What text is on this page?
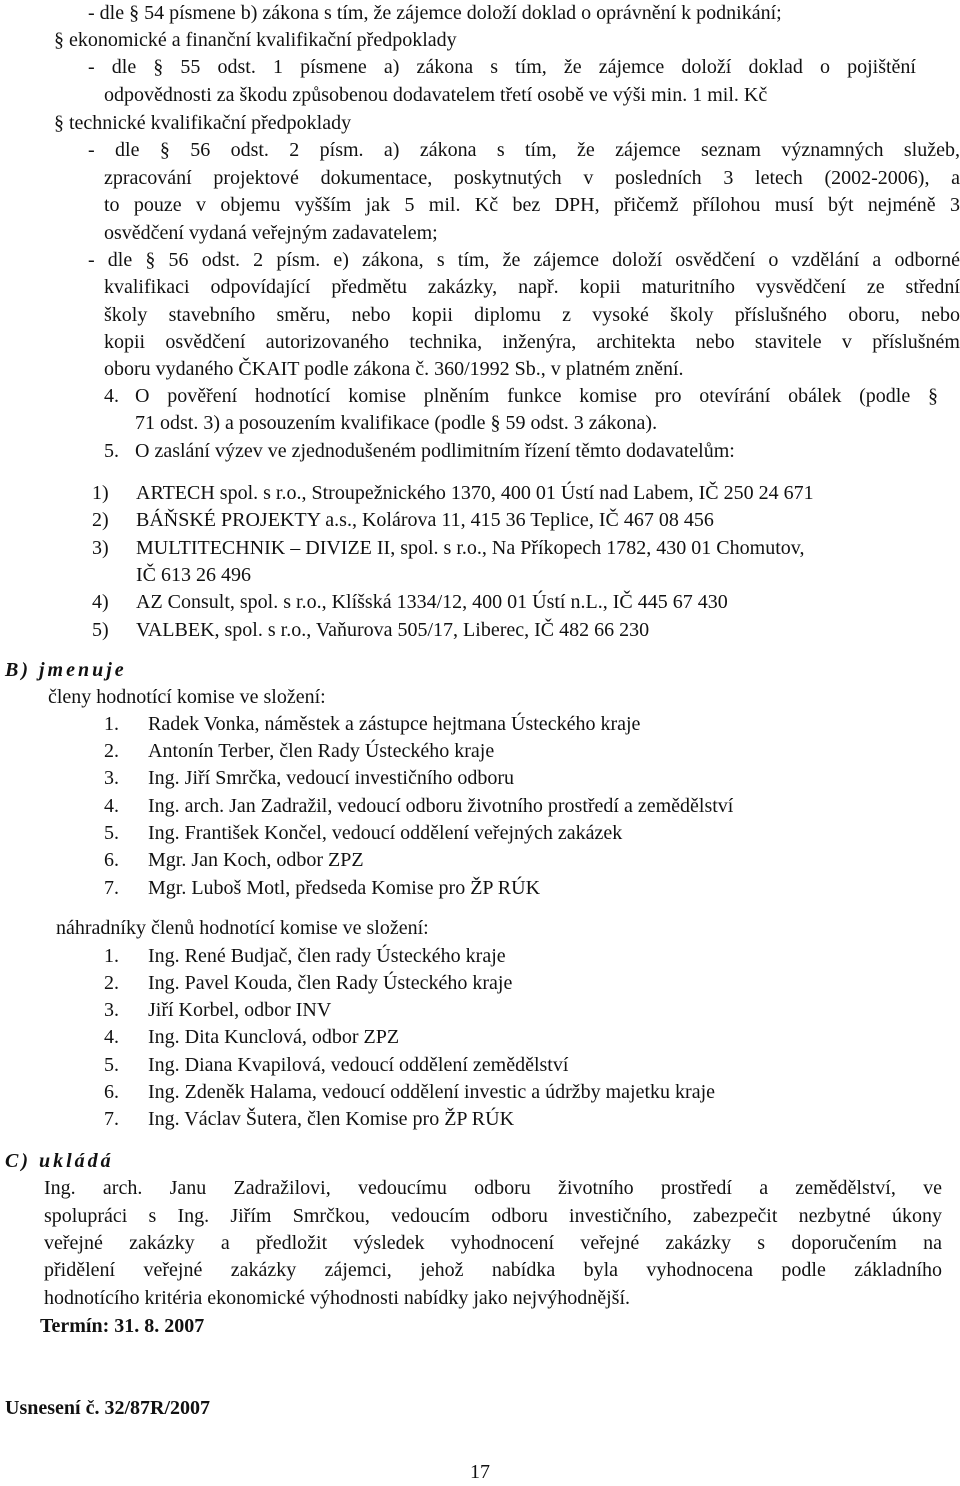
- dle § 54 písmene b) zákona s tím, že zájemce doloží doklad o oprávnění k podnikání;
§ ekonomické a finanční kvalifikační předpoklady
- dle § 55 odst. 1 písmene a) zákona s tím, že zájemce doloží doklad o pojištění
odpovědnosti za škodu způsobenou dodavatelem třetí osobě ve výši min. 1 mil. Kč
§ technické kvalifikační předpoklady
- dle § 56 odst. 2 písm. a) zákona s tím, že zájemce seznam významných služeb,
zpracování projektové dokumentace, poskytnutých v posledních 3 letech (2002-2006), a
to pouze v objemu vyšším jak 5 mil. Kč bez DPH, přičemž přílohou musí být nejméně 3
osvědčení vydaná veřejným zadavatelem;
- dle § 56 odst. 2 písm. e) zákona, s tím, že zájemce doloží osvědčení o vzdělání a odborné
kvalifikaci odpovídající předmětu zakázky, např. kopii maturitního vysvědčení ze střední
školy stavebního směru, nebo kopii diplomu z vysoké školy příslušného oboru, nebo
kopii osvědčení autorizovaného technika, inženýra, architekta nebo stavitele v příslušném
oboru vydaného ČKAIT podle zákona č. 360/1992 Sb., v platném znění.
4. O pověření hodnotící komise plněním funkce komise pro otevírání obálek (podle §
71 odst. 3) a posouzením kvalifikace (podle § 59 odst. 3 zákona).
5. O zaslání výzev ve zjednodušeném podlimitním řízení těmto dodavatelům:
1) ARTECH spol. s r.o., Stroupežnického 1370, 400 01 Ústí nad Labem, IČ 250 24 671
2) BÁŇSKÉ PROJEKTY a.s., Kolárova 11, 415 36 Teplice, IČ 467 08 456
3) MULTITECHNIK – DIVIZE II, spol. s r.o., Na Příkopech 1782, 430 01 Chomutov,
IČ 613 26 496
4) AZ Consult, spol. s r.o., Klíšská 1334/12, 400 01 Ústí n.L., IČ 445 67 430
5) VALBEK, spol. s r.o., Vaňurova 505/17, Liberec, IČ 482 66 230
B) jmenuje
členy hodnotící komise ve složení:
1. Radek Vonka, náměstek a zástupce hejtmana Ústeckého kraje
2. Antonín Terber, člen Rady Ústeckého kraje
3. Ing. Jiří Smrčka, vedoucí investičního odboru
4. Ing. arch. Jan Zadražil, vedoucí odboru životního prostředí a zemědělství
5. Ing. František Končel, vedoucí oddělení veřejných zakázek
6. Mgr. Jan Koch, odbor ZPZ
7. Mgr. Luboš Motl, předseda Komise pro ŽP RÚK
náhradníky členů hodnotící komise ve složení:
1. Ing. René Budjač, člen rady Ústeckého kraje
2. Ing. Pavel Kouda, člen Rady Ústeckého kraje
3. Jiří Korbel, odbor INV
4. Ing. Dita Kunclová, odbor ZPZ
5. Ing. Diana Kvapilová, vedoucí oddělení zemědělství
6. Ing. Zdeněk Halama, vedoucí oddělení investic a údržby majetku kraje
7. Ing. Václav Šutera, člen Komise pro ŽP RÚK
C) ukládá
Ing. arch. Janu Zadražilovi, vedoucímu odboru životního prostředí a zemědělství, ve
spolupráci s Ing. Jiřím Smrčkou, vedoucím odboru investičního, zabezpečit nezbytné úkony
veřejné zakázky a předložit výsledek vyhodnocení veřejné zakázky s doporučením na
přidělení veřejné zakázky zájemci, jehož nabídka byla vyhodnocena podle základního
hodnotícího kritéria ekonomické výhodnosti nabídky jako nejvýhodnější.
Termín: 31. 8. 2007
Usnesení č. 32/87R/2007
17
